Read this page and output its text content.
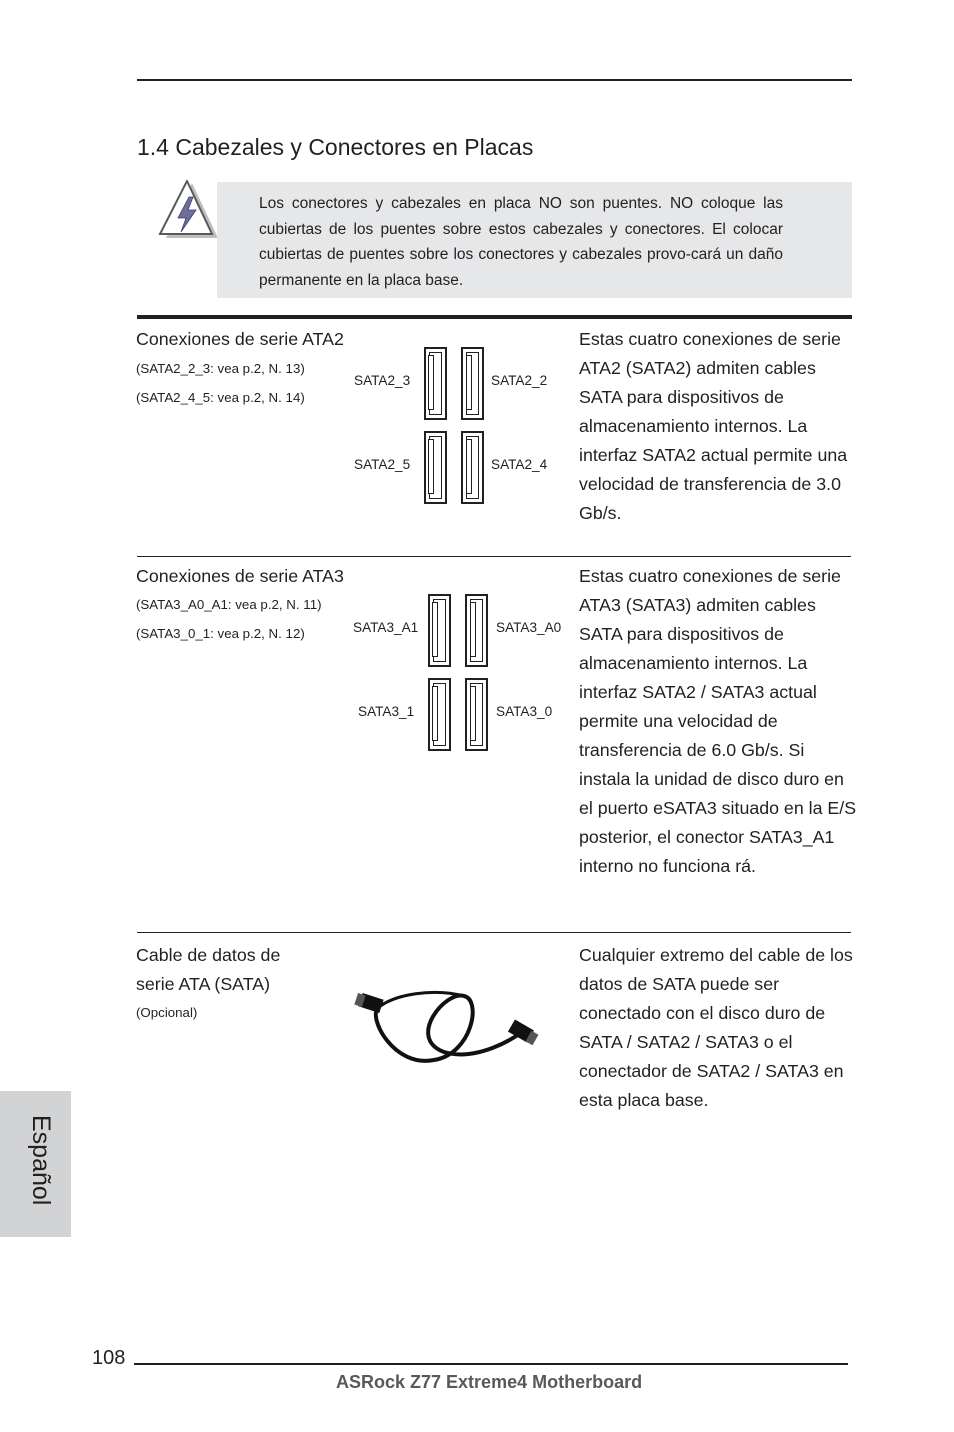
1.4 Cabezales y Conectores en Placas
Los conectores y cabezales en placa NO son puentes. NO coloque las cubiertas de los puentes sobre estos cabezales y conectores. El colocar cubiertas de puentes sobre los conectores y cabezales provo-cará un daño permanente en la placa base.
Conexiones de serie ATA2
(SATA2_2_3: vea p.2, N. 13)
(SATA2_4_5: vea p.2, N. 14)
SATA2_3	SATA2_2
SATA2_5	SATA2_4
Estas cuatro conexiones de serie ATA2 (SATA2) admiten cables SATA para dispositivos de almacenamiento internos. La interfaz SATA2 actual permite una velocidad de transferencia de 3.0 Gb/s.
Conexiones de serie ATA3
(SATA3_A0_A1: vea p.2, N. 11)
(SATA3_0_1: vea p.2, N. 12)	SATA3_A1	SATA3_A0
SATA3_1	SATA3_0
Estas cuatro conexiones de serie ATA3 (SATA3) admiten cables SATA para dispositivos de almacenamiento internos. La interfaz SATA2 / SATA3 actual permite una velocidad de transferencia de 6.0 Gb/s. Si instala la unidad de disco duro en el puerto eSATA3 situado en la E/S posterior, el conector SATA3_A1 interno no funciona rá.
Cable de datos de
serie ATA (SATA)
(Opcional)
Cualquier extremo del cable de los datos de SATA puede ser conectado con el disco duro de SATA / SATA2 / SATA3 o el conectador de SATA2 / SATA3 en esta placa base.
Español
108
ASRock Z77 Extreme4 Motherboard
